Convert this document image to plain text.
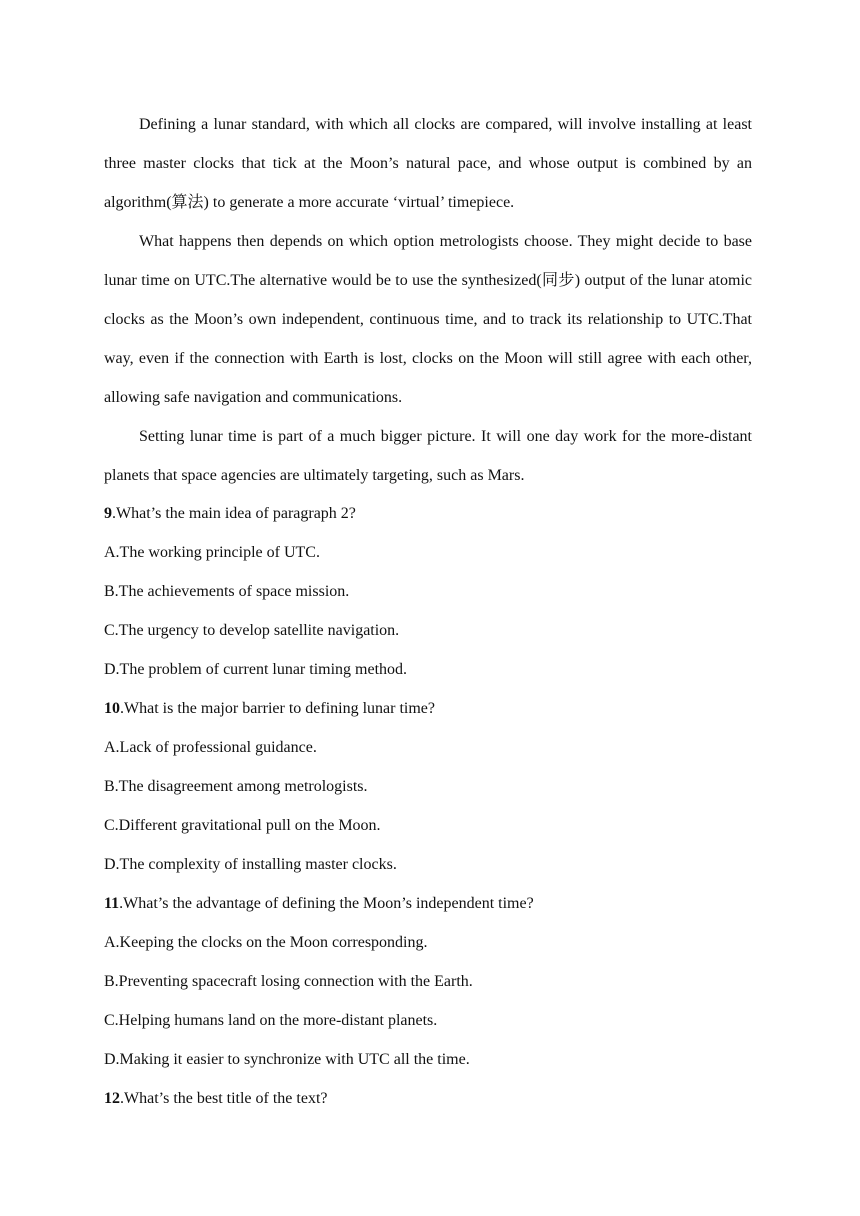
Defining a lunar standard, with which all clocks are compared, will involve installing at least three master clocks that tick at the Moon’s natural pace, and whose output is combined by an algorithm(算法) to generate a more accurate ‘virtual’ timepiece.

What happens then depends on which option metrologists choose. They might decide to base lunar time on UTC.The alternative would be to use the synthesized(同步) output of the lunar atomic clocks as the Moon’s own independent, continuous time, and to track its relationship to UTC.That way, even if the connection with Earth is lost, clocks on the Moon will still agree with each other, allowing safe navigation and communications.

Setting lunar time is part of a much bigger picture. It will one day work for the more-distant planets that space agencies are ultimately targeting, such as Mars.

9.What’s the main idea of paragraph 2?
A.The working principle of UTC.
B.The achievements of space mission.
C.The urgency to develop satellite navigation.
D.The problem of current lunar timing method.
10.What is the major barrier to defining lunar time?
A.Lack of professional guidance.
B.The disagreement among metrologists.
C.Different gravitational pull on the Moon.
D.The complexity of installing master clocks.
11.What’s the advantage of defining the Moon’s independent time?
A.Keeping the clocks on the Moon corresponding.
B.Preventing spacecraft losing connection with the Earth.
C.Helping humans land on the more-distant planets.
D.Making it easier to synchronize with UTC all the time.
12.What’s the best title of the text?
